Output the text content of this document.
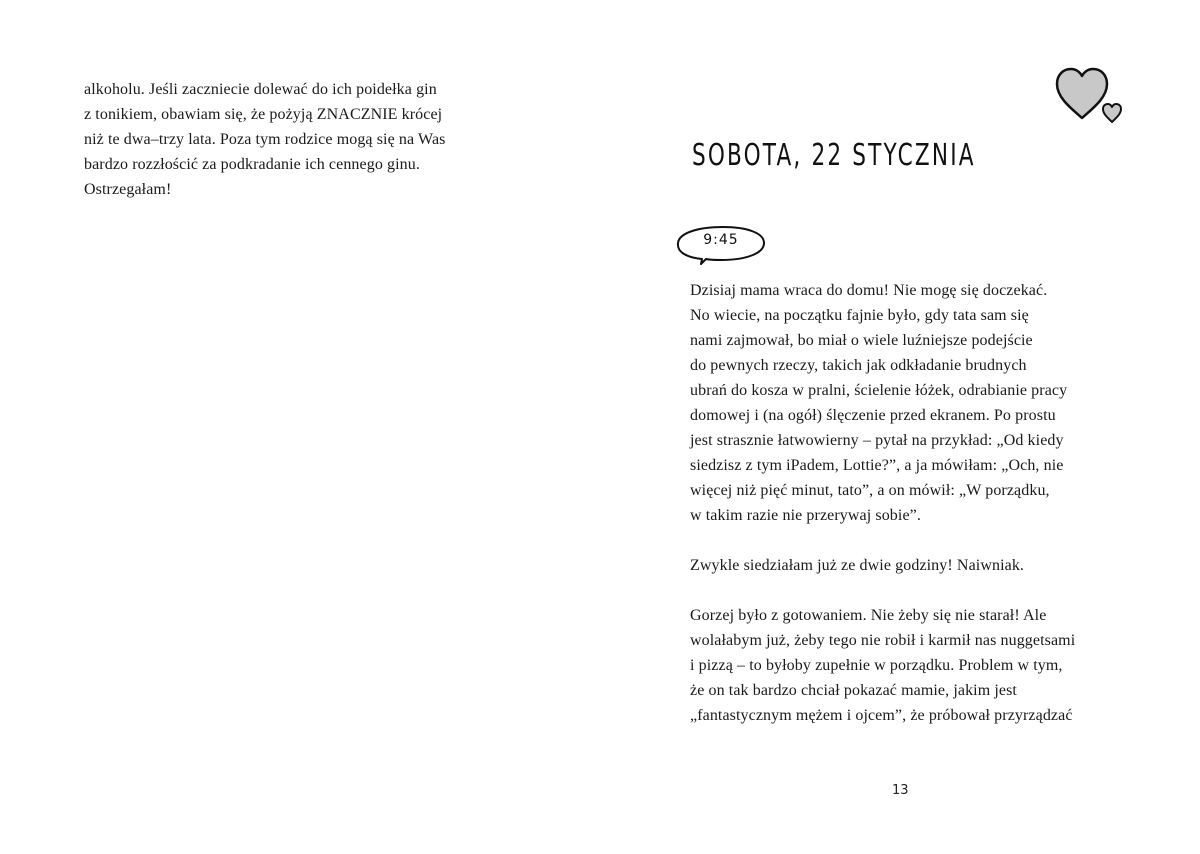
alkoholu. Jeśli zaczniecie dolewać do ich poidełka gin
z tonikiem, obawiam się, że pożyją ZNACZNIE krócej
niż te dwa–trzy lata. Poza tym rodzice mogą się na Was
bardzo rozzłościć za podkradanie ich cennego ginu.
Ostrzegałam!
SOBOTA, 22 STYCZNIA
9:45
Dzisiaj mama wraca do domu! Nie mogę się doczekać.
No wiecie, na początku fajnie było, gdy tata sam się
nami zajmował, bo miał o wiele luźniejsze podejście
do pewnych rzeczy, takich jak odkładanie brudnych
ubrań do kosza w pralni, ścielenie łóżek, odrabianie pracy
domowej i (na ogół) ślęczenie przed ekranem. Po prostu
jest strasznie łatwowierny – pytał na przykład: „Od kiedy
siedzisz z tym iPadem, Lottie?”, a ja mówiłam: „Och, nie
więcej niż pięć minut, tato”, a on mówił: „W porządku,
w takim razie nie przerywaj sobie”.
Zwykle siedziałam już ze dwie godziny! Naiwniak.
Gorzej było z gotowaniem. Nie żeby się nie starał! Ale
wolałabym już, żeby tego nie robił i karmił nas nuggetsami
i pizzą – to byłoby zupełnie w porządku. Problem w tym,
że on tak bardzo chciał pokazać mamie, jakim jest
„fantastycznym mężem i ojcem”, że próbował przyrządzać
13
